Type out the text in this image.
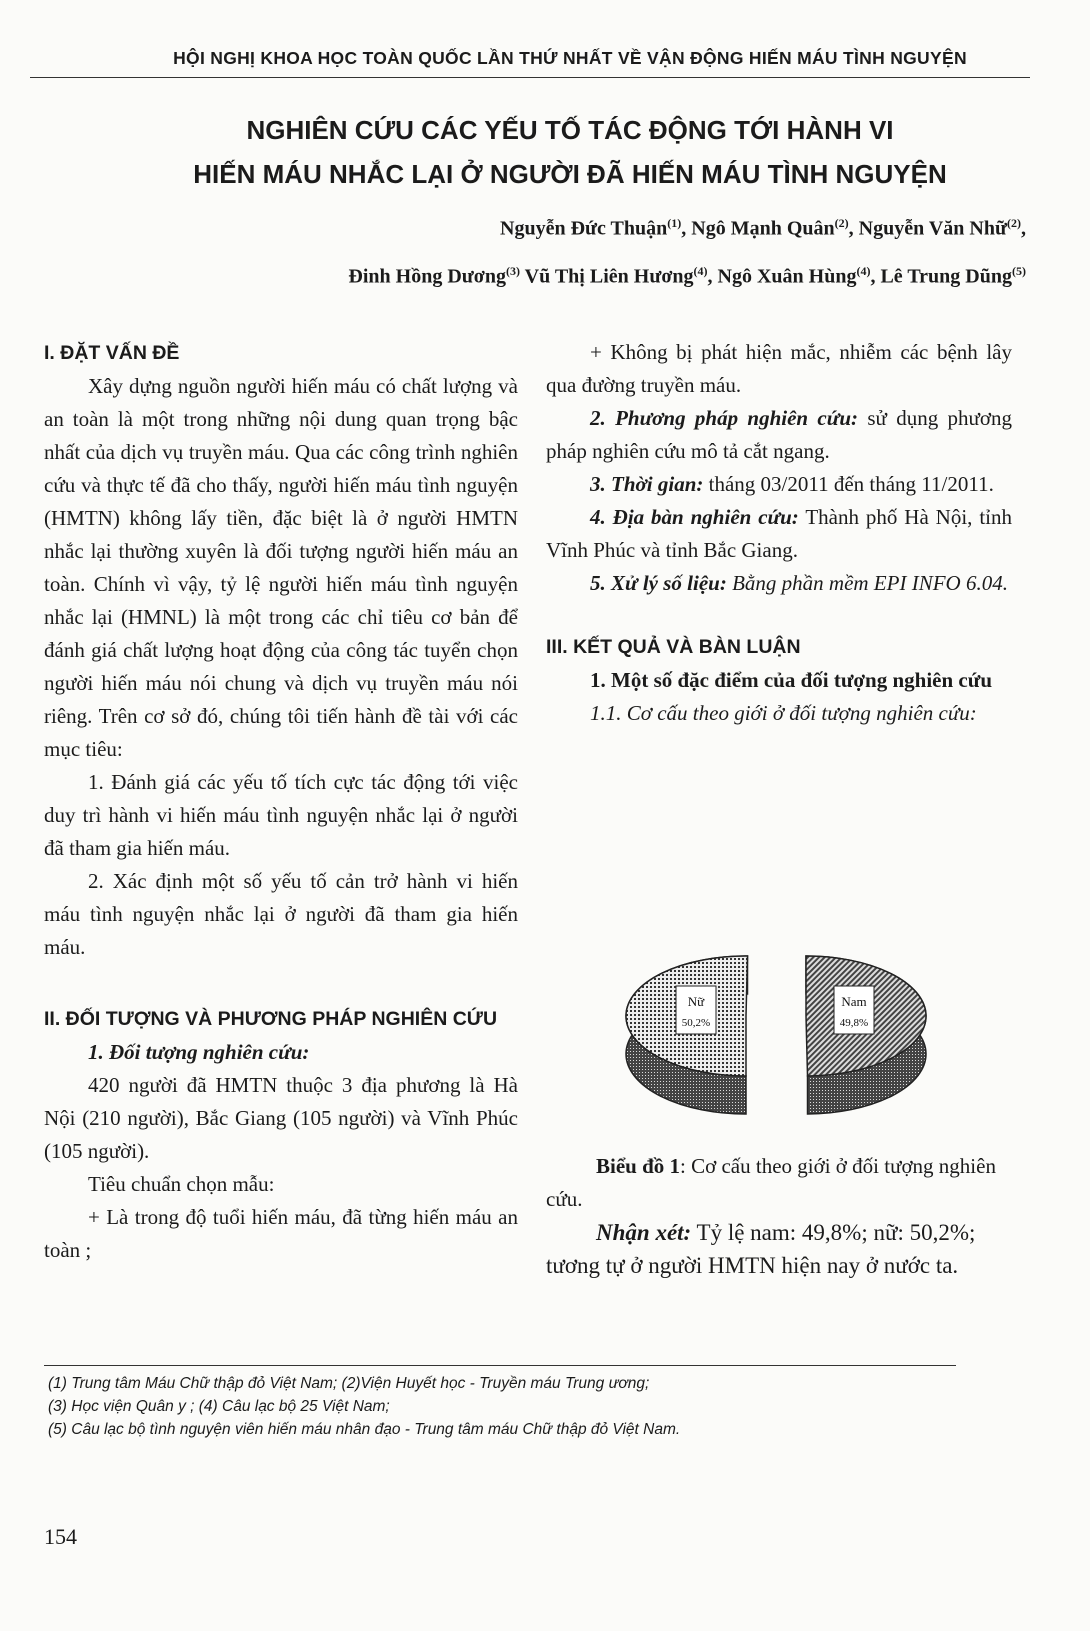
HỘI NGHỊ KHOA HỌC TOÀN QUỐC LẦN THỨ NHẤT VỀ VẬN ĐỘNG HIẾN MÁU TÌNH NGUYỆN
NGHIÊN CỨU CÁC YẾU TỐ TÁC ĐỘNG TỚI HÀNH VI
HIẾN MÁU NHẮC LẠI Ở NGƯỜI ĐÃ HIẾN MÁU TÌNH NGUYỆN
Nguyễn Đức Thuận$^{(1)}$, Ngô Mạnh Quân$^{(2)}$, Nguyễn Văn Nhữ$^{(2)}$,
Đinh Hồng Dương$^{(3)}$ Vũ Thị Liên Hương$^{(4)}$, Ngô Xuân Hùng$^{(4)}$, Lê Trung Dũng$^{(5)}$

I. ĐẶT VẤN ĐỀ

Xây dựng nguồn người hiến máu có chất lượng và an toàn là một trong những nội dung quan trọng bậc nhất của dịch vụ truyền máu. Qua các công trình nghiên cứu và thực tế đã cho thấy, người hiến máu tình nguyện (HMTN) không lấy tiền, đặc biệt là ở người HMTN nhắc lại thường xuyên là đối tượng người hiến máu an toàn. Chính vì vậy, tỷ lệ người hiến máu tình nguyện nhắc lại (HMNL) là một trong các chỉ tiêu cơ bản để đánh giá chất lượng hoạt động của công tác tuyển chọn người hiến máu nói chung và dịch vụ truyền máu nói riêng. Trên cơ sở đó, chúng tôi tiến hành đề tài với các mục tiêu:

1. Đánh giá các yếu tố tích cực tác động tới việc duy trì hành vi hiến máu tình nguyện nhắc lại ở người đã tham gia hiến máu.

2. Xác định một số yếu tố cản trở hành vi hiến máu tình nguyện nhắc lại ở người đã tham gia hiến máu.

II. ĐỐI TƯỢNG VÀ PHƯƠNG PHÁP NGHIÊN CỨU

1. Đối tượng nghiên cứu:

420 người đã HMTN thuộc 3 địa phương là Hà Nội (210 người), Bắc Giang (105 người) và Vĩnh Phúc (105 người).

Tiêu chuẩn chọn mẫu:

+ Là trong độ tuổi hiến máu, đã từng hiến máu an toàn ;

+ Không bị phát hiện mắc, nhiễm các bệnh lây qua đường truyền máu.

2. Phương pháp nghiên cứu: sử dụng phương pháp nghiên cứu mô tả cắt ngang.

3. Thời gian: tháng 03/2011 đến tháng 11/2011.

4. Địa bàn nghiên cứu: Thành phố Hà Nội, tỉnh Vĩnh Phúc và tỉnh Bắc Giang.

5. Xử lý số liệu: Bằng phần mềm EPI INFO 6.04.

III. KẾT QUẢ VÀ BÀN LUẬN

1. Một số đặc điểm của đối tượng nghiên cứu

1.1. Cơ cấu theo giới ở đối tượng nghiên cứu:

Nữ
50,2%
Nam
49,8%

Biểu đồ 1: Cơ cấu theo giới ở đối tượng nghiên cứu.

Nhận xét: Tỷ lệ nam: 49,8%; nữ: 50,2%; tương tự ở người HMTN hiện nay ở nước ta.

(1) Trung tâm Máu Chữ thập đỏ Việt Nam; (2)Viện Huyết học - Truyền máu Trung ương;
(3) Học viện Quân y ; (4) Câu lạc bộ 25 Việt Nam;
(5) Câu lạc bộ tình nguyện viên hiến máu nhân đạo - Trung tâm máu Chữ thập đỏ Việt Nam.
154
